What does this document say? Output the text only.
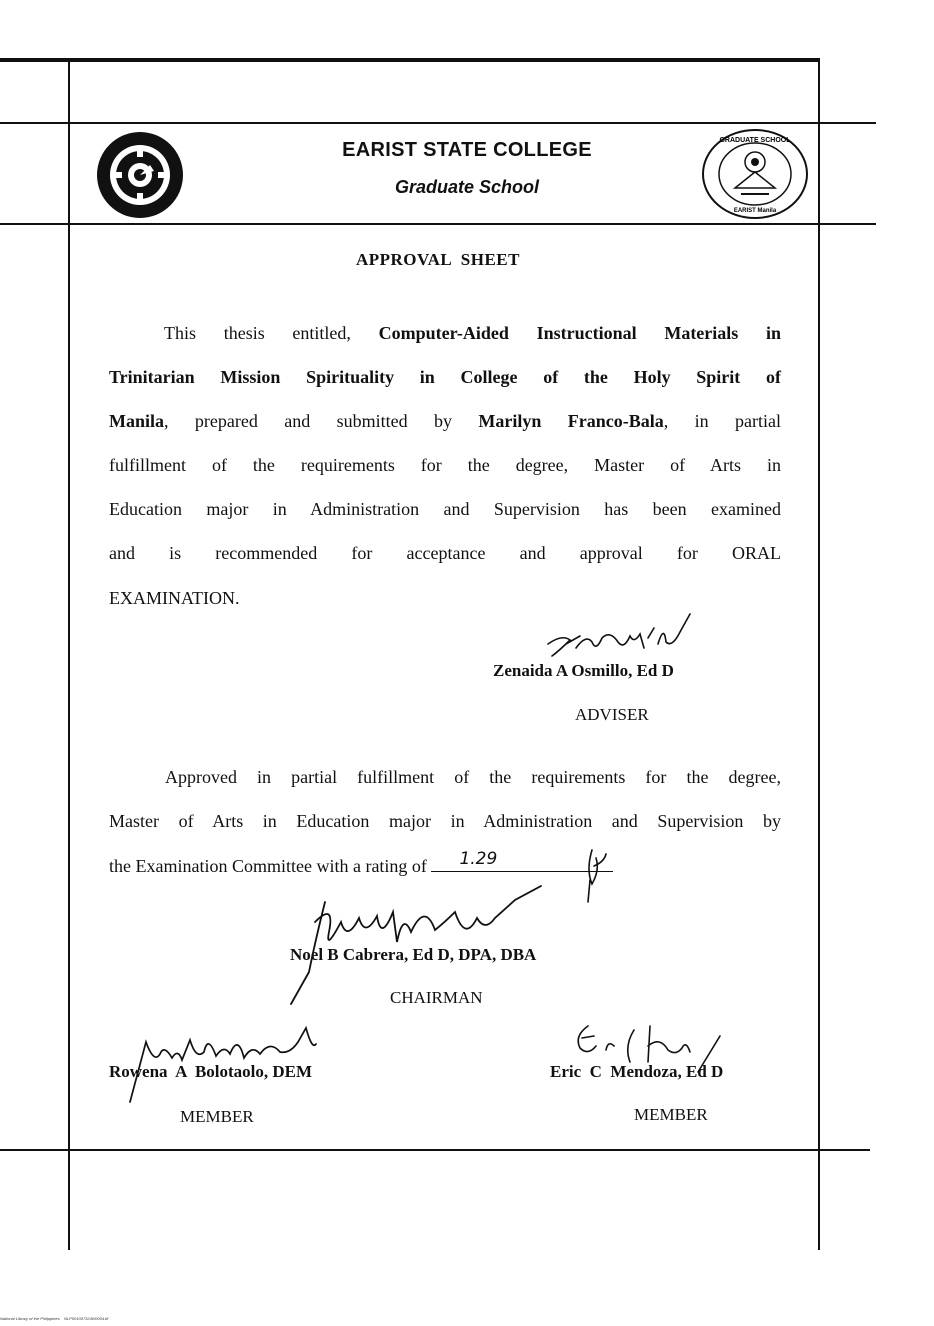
EARIST STATE COLLEGE
Graduate School
GRADUATE SCHOOL
EARIST Manila
APPROVAL  SHEET
This thesis entitled, Computer-Aided Instructional Materials in
Trinitarian Mission Spirituality in College of the Holy Spirit of
Manila, prepared and submitted by Marilyn Franco-Bala, in partial
fulfillment of the requirements for the degree, Master of Arts in
Education major in Administration and Supervision has been examined
and is recommended for acceptance and approval for ORAL
EXAMINATION.
Zenaida A Osmillo, Ed D
ADVISER
Approved in partial fulfillment of the requirements for the degree,
Master of Arts in Education major in Administration and Supervision by
the Examination Committee with a rating of 1.29
Noel B Cabrera, Ed D, DPA, DBA
CHAIRMAN
Rowena  A  Bolotaolo, DEM
MEMBER
Eric  C  Mendoza, Ed D
MEMBER
National Library of the Philippines    NLP0010073240/0004.tif
